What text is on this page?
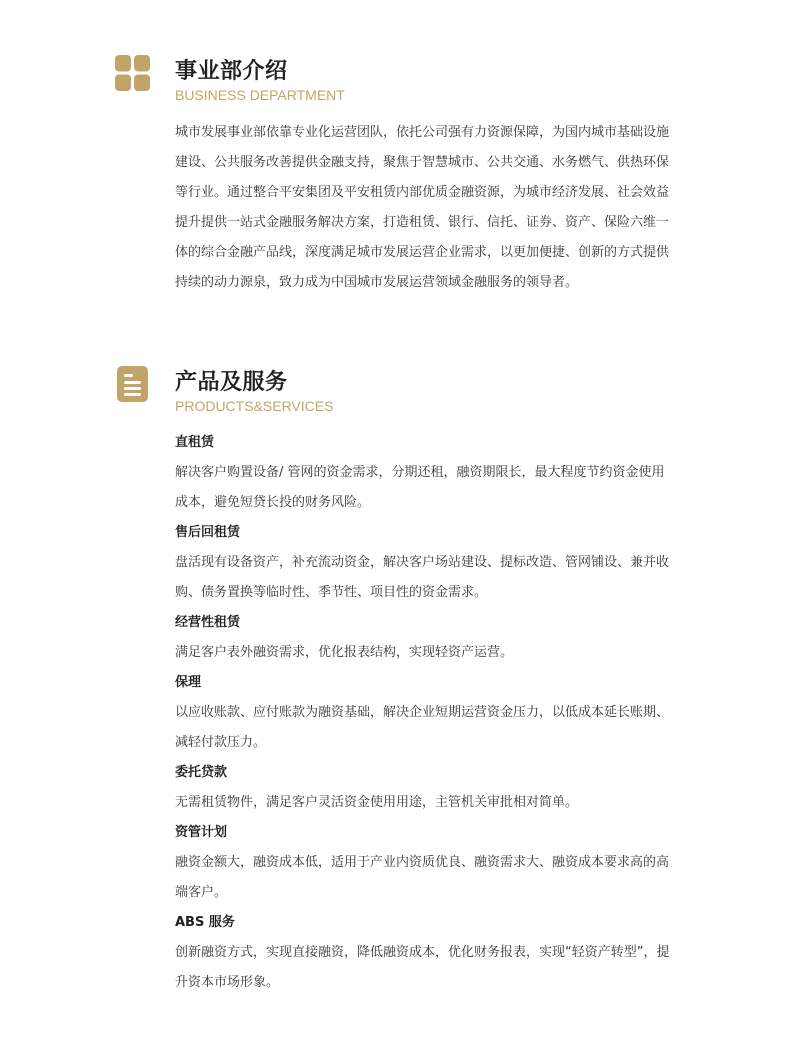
事业部介绍
BUSINESS DEPARTMENT

城市发展事业部依靠专业化运营团队，依托公司强有力资源保障，为国内城市基础设施建设、公共服务改善提供金融支持，聚焦于智慧城市、公共交通、水务燃气、供热环保等行业。通过整合平安集团及平安租赁内部优质金融资源，为城市经济发展、社会效益提升提供一站式金融服务解决方案，打造租赁、银行、信托、证券、资产、保险六维一体的综合金融产品线，深度满足城市发展运营企业需求，以更加便捷、创新的方式提供持续的动力源泉，致力成为中国城市发展运营领域金融服务的领导者。

产品及服务
PRODUCTS&SERVICES

直租赁

解决客户购置设备/ 管网的资金需求，分期还租，融资期限长，最大程度节约资金使用成本，避免短贷长投的财务风险。

售后回租赁

盘活现有设备资产，补充流动资金，解决客户场站建设、提标改造、管网铺设、兼并收购、债务置换等临时性、季节性、项目性的资金需求。

经营性租赁

满足客户表外融资需求，优化报表结构，实现轻资产运营。

保理

以应收账款、应付账款为融资基础，解决企业短期运营资金压力，以低成本延长账期、减轻付款压力。

委托贷款

无需租赁物件，满足客户灵活资金使用用途，主管机关审批相对简单。

资管计划

融资金额大，融资成本低，适用于产业内资质优良、融资需求大、融资成本要求高的高端客户。

ABS 服务

创新融资方式，实现直接融资，降低融资成本，优化财务报表，实现“轻资产转型”，提升资本市场形象。
